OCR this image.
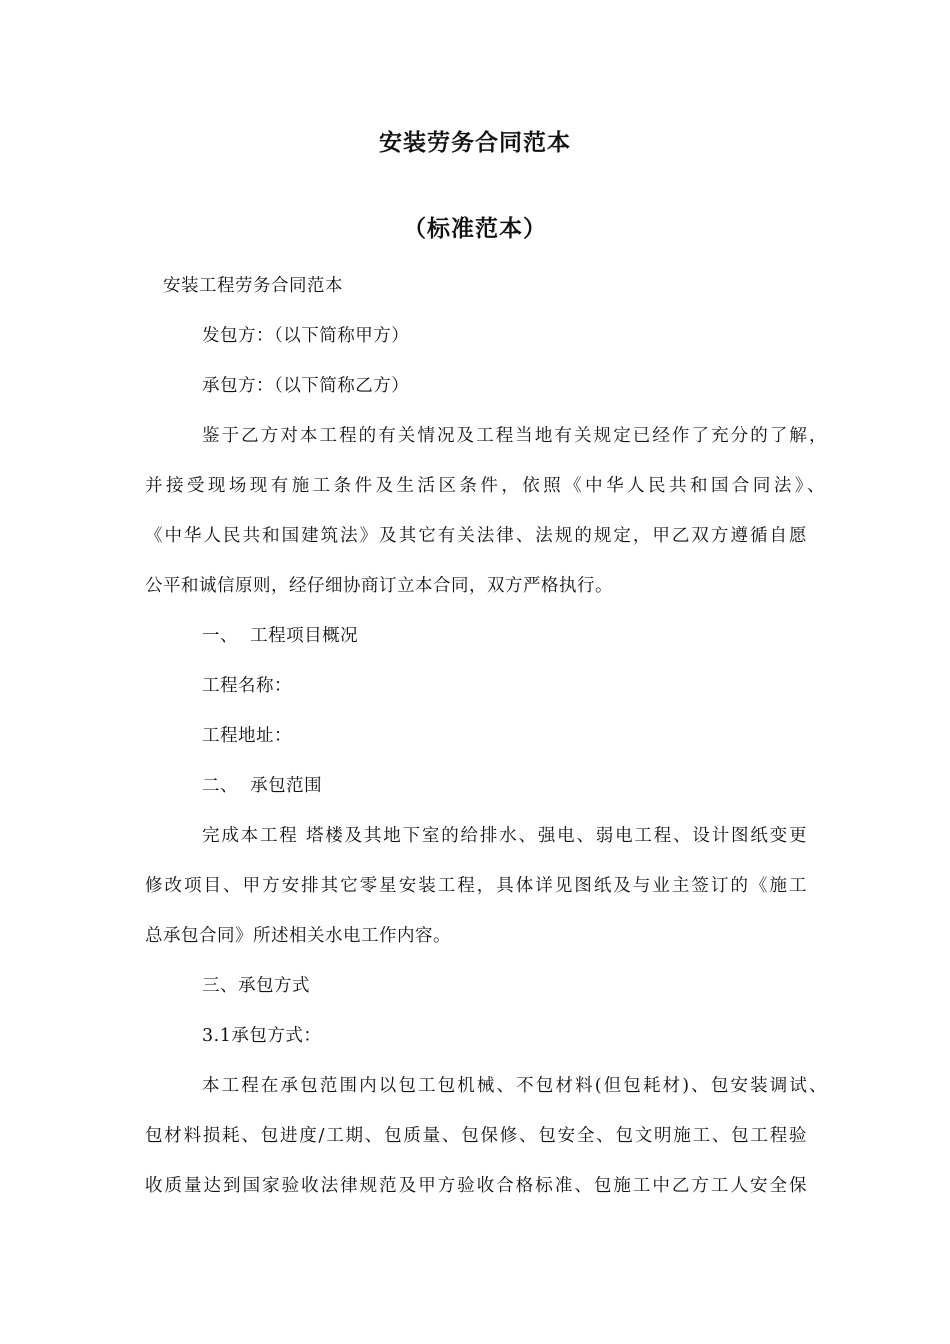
安装劳务合同范本
（标准范本）
安装工程劳务合同范本
发包方：（以下简称甲方）
承包方：（以下简称乙方）
鉴于乙方对本工程的有关情况及工程当地有关规定已经作了充分的了解，
并接受现场现有施工条件及生活区条件，依照《中华人民共和国合同法》、
《中华人民共和国建筑法》及其它有关法律、法规的规定，甲乙双方遵循自愿
公平和诚信原则，经仔细协商订立本合同，双方严格执行。
一、  工程项目概况
工程名称：
工程地址：
二、  承包范围
完成本工程 塔楼及其地下室的给排水、强电、弱电工程、设计图纸变更
修改项目、甲方安排其它零星安装工程，具体详见图纸及与业主签订的《施工
总承包合同》所述相关水电工作内容。
三、承包方式
3.1承包方式：
本工程在承包范围内以包工包机械、不包材料(但包耗材)、包安装调试、
包材料损耗、包进度/工期、包质量、包保修、包安全、包文明施工、包工程验
收质量达到国家验收法律规范及甲方验收合格标准、包施工中乙方工人安全保
